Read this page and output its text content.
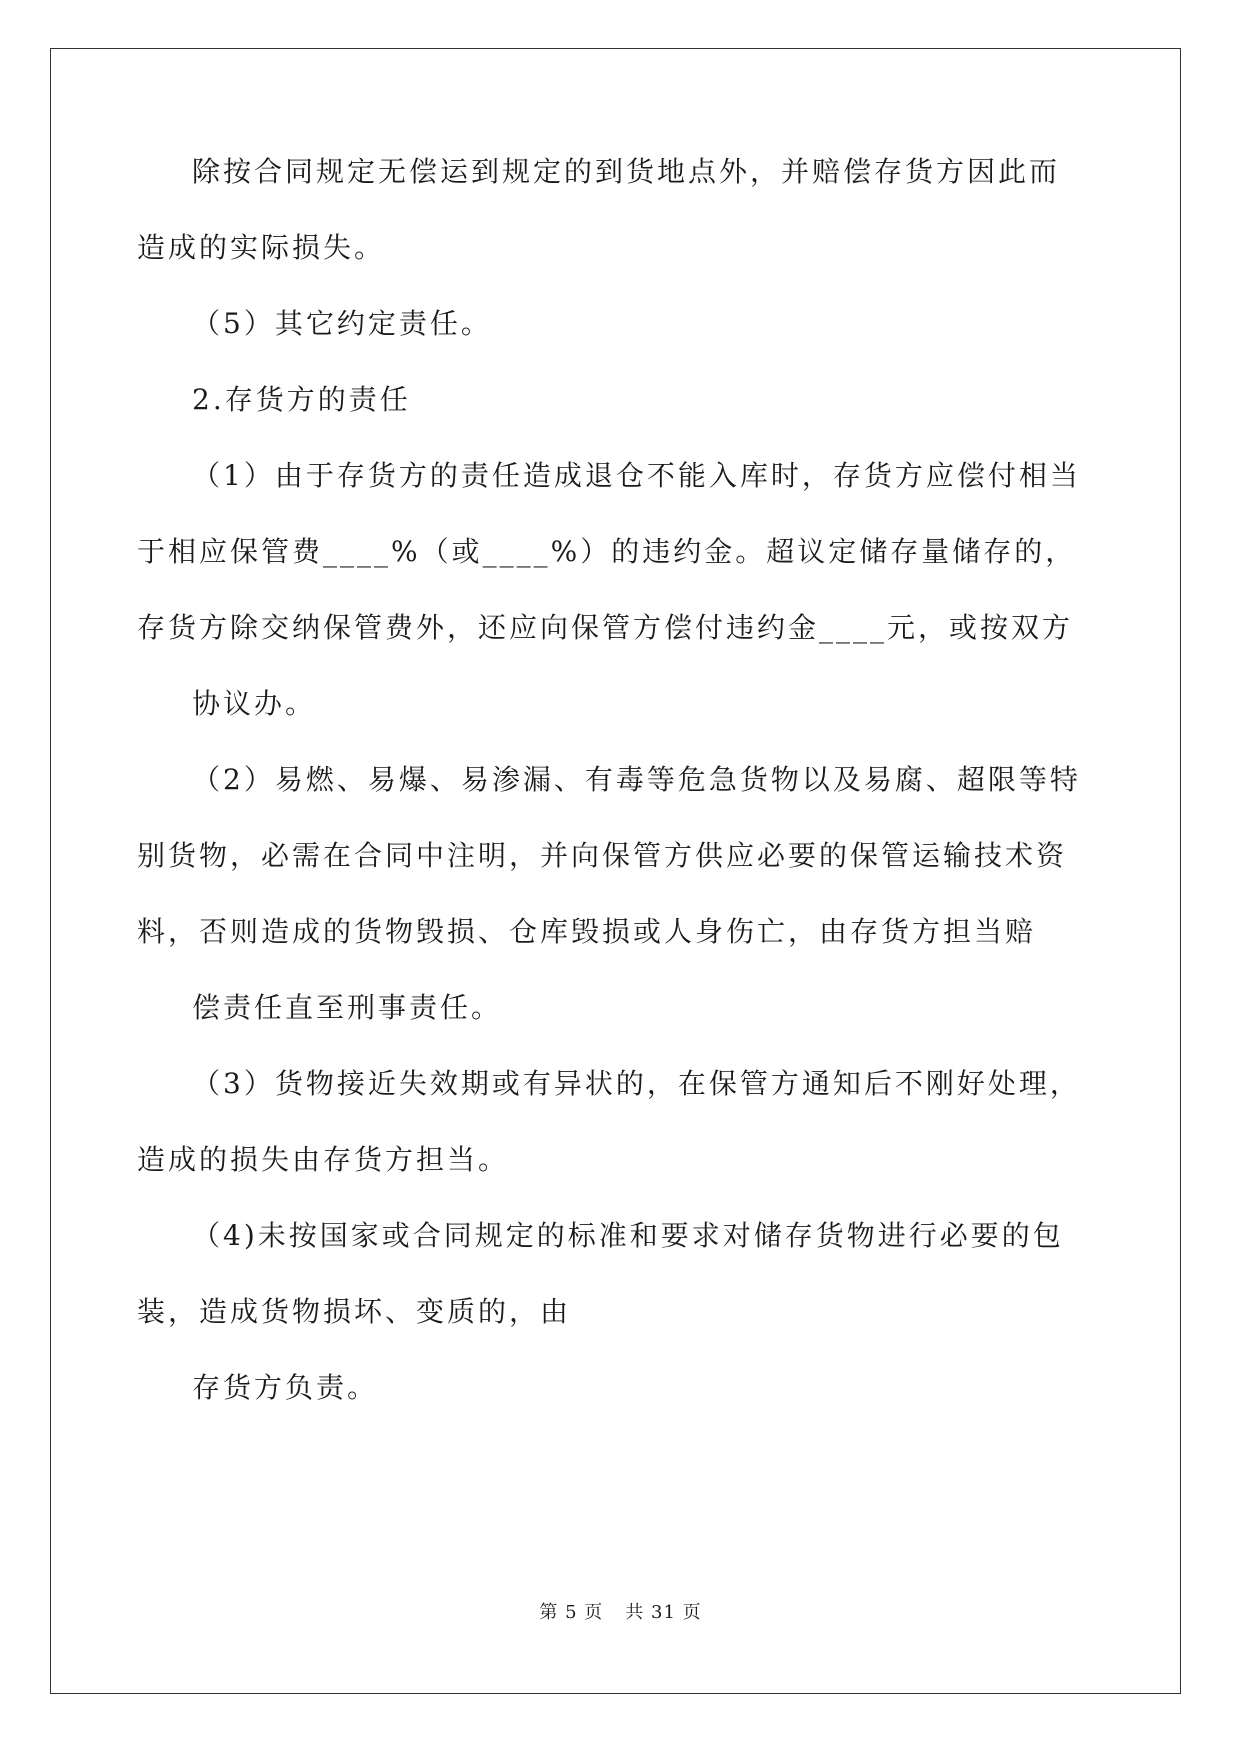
除按合同规定无偿运到规定的到货地点外，并赔偿存货方因此而
造成的实际损失。
（5）其它约定责任。
2.存货方的责任
（1）由于存货方的责任造成退仓不能入库时，存货方应偿付相当
于相应保管费____%（或____%）的违约金。超议定储存量储存的，
存货方除交纳保管费外，还应向保管方偿付违约金____元，或按双方
协议办。
（2）易燃、易爆、易渗漏、有毒等危急货物以及易腐、超限等特
别货物，必需在合同中注明，并向保管方供应必要的保管运输技术资
料，否则造成的货物毁损、仓库毁损或人身伤亡，由存货方担当赔
偿责任直至刑事责任。
（3）货物接近失效期或有异状的，在保管方通知后不刚好处理，
造成的损失由存货方担当。
（4)未按国家或合同规定的标准和要求对储存货物进行必要的包
装，造成货物损坏、变质的，由
存货方负责。
第 5 页 共 31 页
